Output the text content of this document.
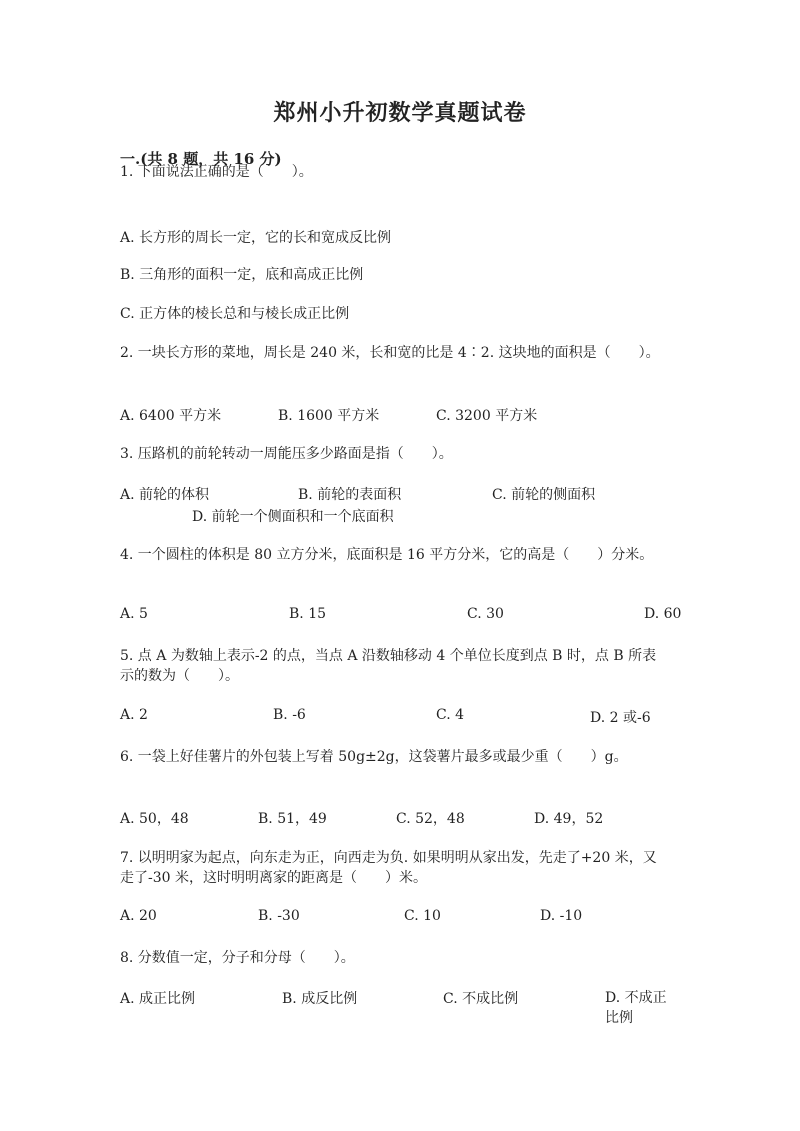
郑州小升初数学真题试卷
一.(共 8 题，共 16 分)
1. 下面说法正确的是（　　）。
A. 长方形的周长一定，它的长和宽成反比例
B. 三角形的面积一定，底和高成正比例
C. 正方体的棱长总和与棱长成正比例
2. 一块长方形的菜地，周长是 240 米，长和宽的比是 4∶2. 这块地的面积是（　　）。
A. 6400 平方米	B. 1600 平方米	C. 3200 平方米
3. 压路机的前轮转动一周能压多少路面是指（　　）。
A. 前轮的体积	B. 前轮的表面积	C. 前轮的侧面积
D. 前轮一个侧面积和一个底面积
4. 一个圆柱的体积是 80 立方分米，底面积是 16 平方分米，它的高是（　　）分米。
A. 5	B. 15	C. 30	D. 60
5. 点 A 为数轴上表示-2 的点，当点 A 沿数轴移动 4 个单位长度到点 B 时，点 B 所表示的数为（　　）。
A. 2	B. -6	C. 4	D. 2 或-6
6. 一袋上好佳薯片的外包装上写着 50g±2g，这袋薯片最多或最少重（　　）g。
A. 50，48	B. 51，49	C. 52，48	D. 49，52
7. 以明明家为起点，向东走为正，向西走为负. 如果明明从家出发，先走了+20 米，又走了-30 米，这时明明离家的距离是（　　）米。
A. 20	B. -30	C. 10	D. -10
8. 分数值一定，分子和分母（　　）。
A. 成正比例	B. 成反比例	C. 不成比例	D. 不成正比例
